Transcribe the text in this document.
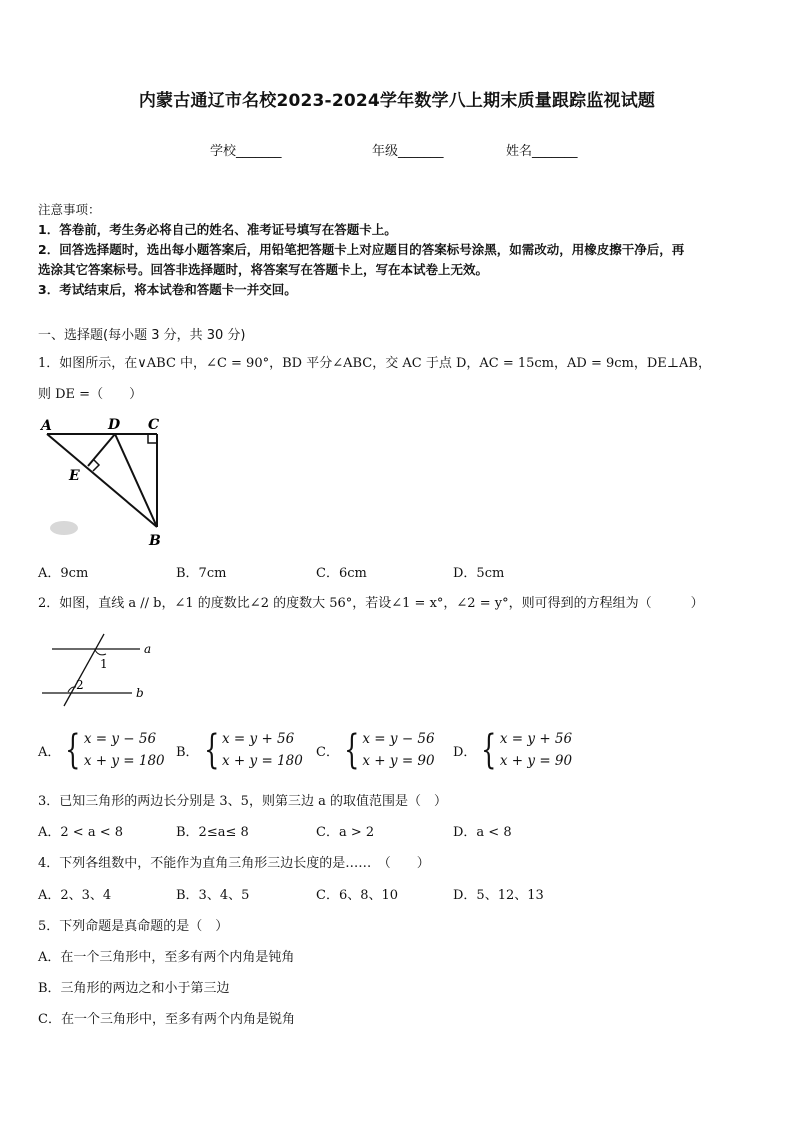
内蒙古通辽市名校2023-2024学年数学八上期末质量跟踪监视试题
学校_______	年级_______	姓名_______
注意事项：
1．答卷前，考生务必将自己的姓名、准考证号填写在答题卡上。
2．回答选择题时，选出每小题答案后，用铅笔把答题卡上对应题目的答案标号涂黑，如需改动，用橡皮擦干净后，再
选涂其它答案标号。回答非选择题时，将答案写在答题卡上，写在本试卷上无效。
3．考试结束后，将本试卷和答题卡一并交回。
一、选择题(每小题 3 分，共 30 分)
1．如图所示，在∨ABC 中，∠C = 90°，BD 平分∠ABC，交 AC 于点 D，AC = 15cm，AD = 9cm，DE⊥AB，
则 DE =（　　）
A	D C
E
B
A．9cm	B．7cm	C．6cm	D．5cm
2．如图，直线 a // b，∠1 的度数比∠2 的度数大 56°，若设∠1 = x°，∠2 = y°，则可得到的方程组为（　　　）
a
b
1
2
A． { x = y − 56
x + y = 180
B． { x = y + 56
x + y = 180
C． { x = y − 56
x + y = 90
D． { x = y + 56
x + y = 90
3．已知三角形的两边长分别是 3、5，则第三边 a 的取值范围是（　）
A．2 < a < 8	B．2≤a≤ 8	C．a > 2	D．a < 8
4．下列各组数中，不能作为直角三角形三边长度的是……　（　　）
A．2、3、4	B．3、4、5	C．6、8、10	D．5、12、13
5．下列命题是真命题的是（　）
A．在一个三角形中，至多有两个内角是钝角
B．三角形的两边之和小于第三边
C．在一个三角形中，至多有两个内角是锐角
